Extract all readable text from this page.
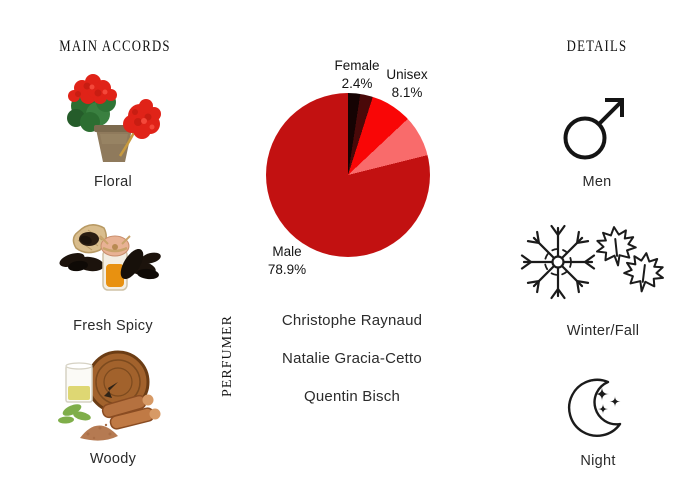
MAIN ACCORDS
Floral
Fresh Spicy
Woody
Female
2.4%
Unisex
8.1%
Male
78.9%
PERFUMER	Christophe Raynaud
Natalie Gracia-Cetto
Quentin Bisch
DETAILS
Men
Winter/Fall
Night
